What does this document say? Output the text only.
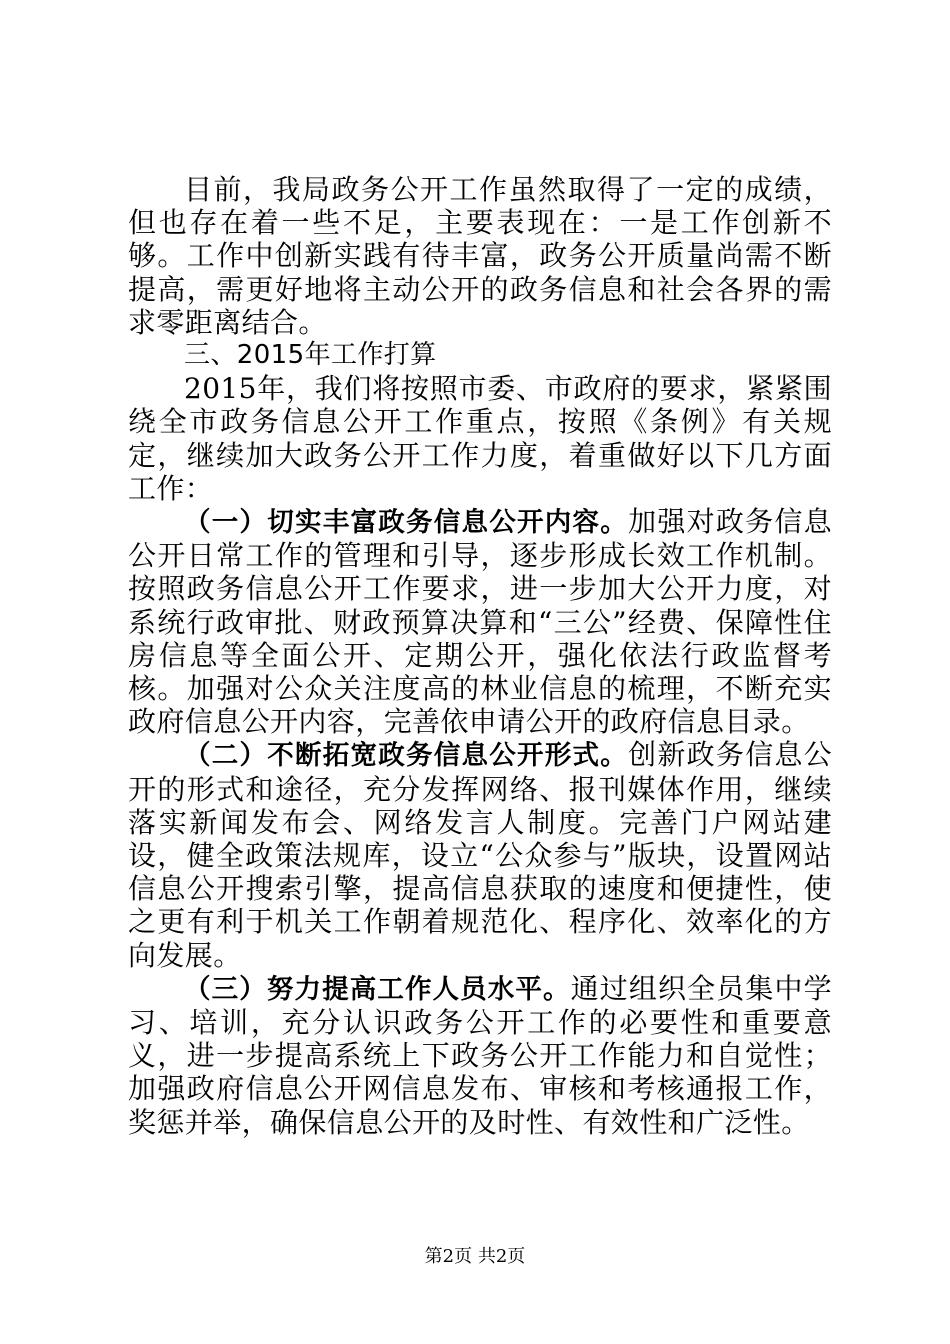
目前，我局政务公开工作虽然取得了一定的成绩，但也存在着一些不足，主要表现在：一是工作创新不够。工作中创新实践有待丰富，政务公开质量尚需不断提高，需更好地将主动公开的政务信息和社会各界的需求零距离结合。

三、2015年工作打算

2015年，我们将按照市委、市政府的要求，紧紧围绕全市政务信息公开工作重点，按照《条例》有关规定，继续加大政务公开工作力度，着重做好以下几方面工作：

（一）切实丰富政务信息公开内容。加强对政务信息公开日常工作的管理和引导，逐步形成长效工作机制。按照政务信息公开工作要求，进一步加大公开力度，对系统行政审批、财政预算决算和“三公”经费、保障性住房信息等全面公开、定期公开，强化依法行政监督考核。加强对公众关注度高的林业信息的梳理，不断充实政府信息公开内容，完善依申请公开的政府信息目录。

（二）不断拓宽政务信息公开形式。创新政务信息公开的形式和途径，充分发挥网络、报刊媒体作用，继续落实新闻发布会、网络发言人制度。完善门户网站建设，健全政策法规库，设立“公众参与”版块，设置网站信息公开搜索引擎，提高信息获取的速度和便捷性，使之更有利于机关工作朝着规范化、程序化、效率化的方向发展。

（三）努力提高工作人员水平。通过组织全员集中学习、培训，充分认识政务公开工作的必要性和重要意义，进一步提高系统上下政务公开工作能力和自觉性；加强政府信息公开网信息发布、审核和考核通报工作，奖惩并举，确保信息公开的及时性、有效性和广泛性。

第2页 共2页
